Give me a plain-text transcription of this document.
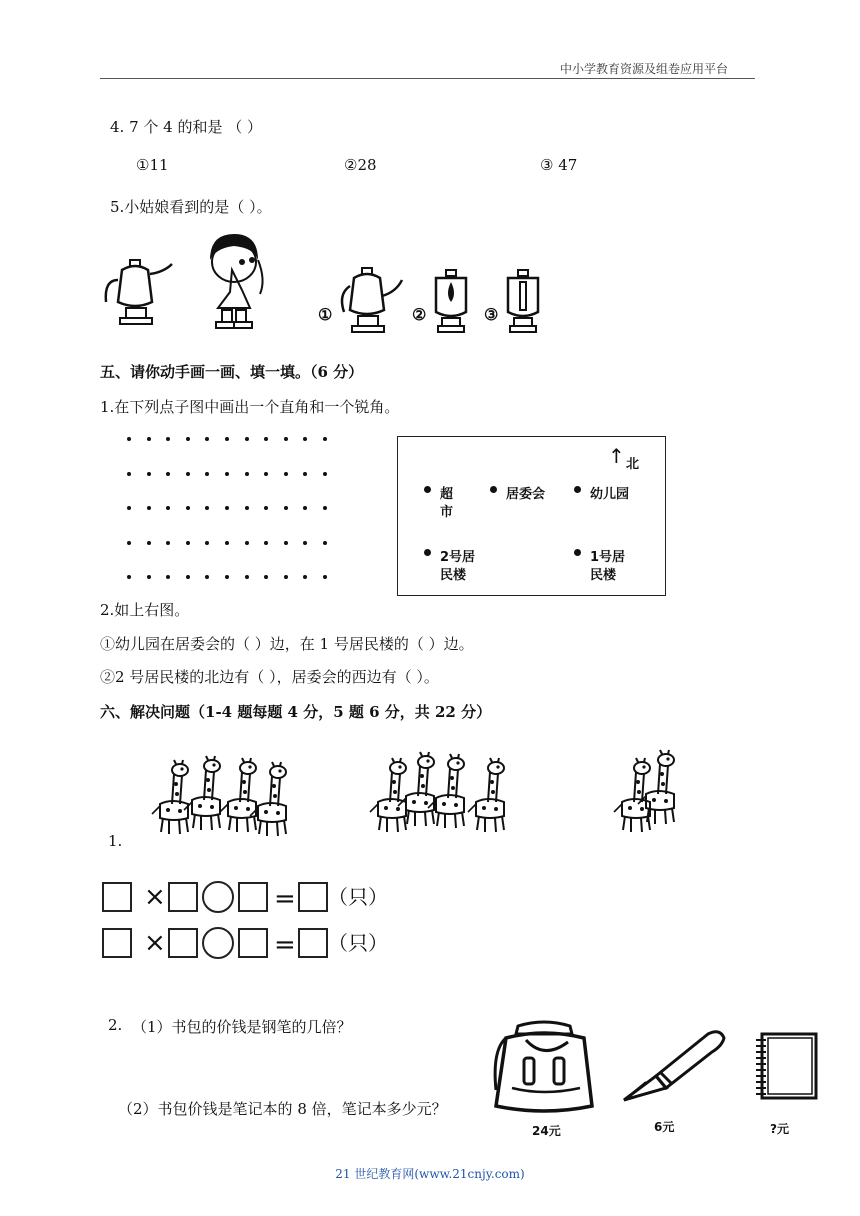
中小学教育资源及组卷应用平台
4. 7 个 4 的和是 （ ）
①11	②28	③ 47
5.小姑娘看到的是（ ）。
①	②	③
五、请你动手画一画、填一填。（6 分）
1.在下列点子图中画出一个直角和一个锐角。
↑ 北
超
市
居委会	幼儿园
2号居
民楼
1号居
民楼
2.如上右图。
①幼儿园在居委会的（ ）边，在 1 号居民楼的（ ）边。
②2 号居民楼的北边有（ ），居委会的西边有（ ）。
六、解决问题（1-4 题每题 4 分，5 题 6 分，共 22 分）
1.
×	= （只）
×	= （只）
2. （1）书包的价钱是钢笔的几倍？
（2）书包价钱是笔记本的 8 倍，笔记本多少元？
24元	6元	?元
21 世纪教育网(www.21cnjy.com)
